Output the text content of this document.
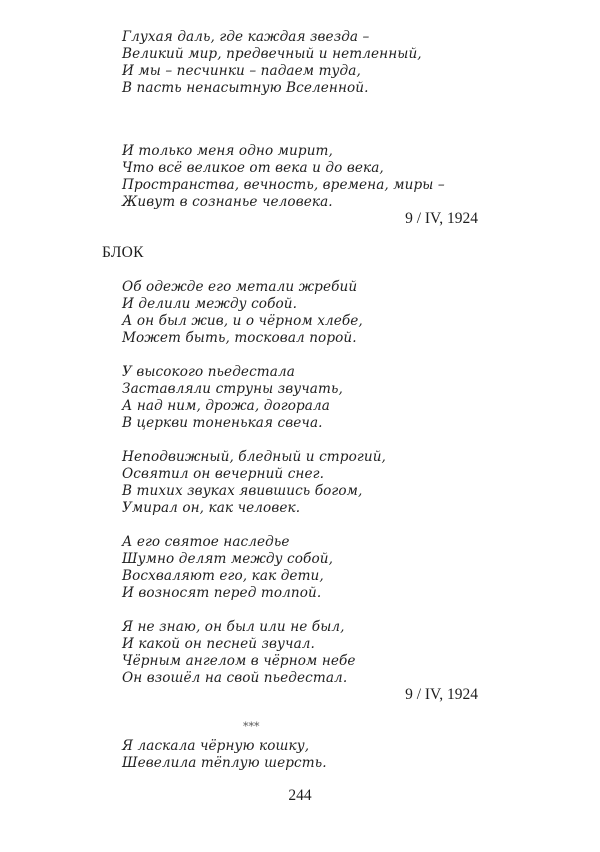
Глухая даль, где каждая звезда –
Великий мир, предвечный и нетленный,
И мы – песчинки – падаем туда,
В пасть ненасытную Вселенной.
И только меня одно мирит,
Что всё великое от века и до века,
Пространства, вечность, времена, миры –
Живут в сознанье человека.
9 / IV, 1924
БЛОК
Об одежде его метали жребий
И делили между собой.
А он был жив, и о чёрном хлебе,
Может быть, тосковал порой.
У высокого пьедестала
Заставляли струны звучать,
А над ним, дрожа, догорала
В церкви тоненькая свеча.
Неподвижный, бледный и строгий,
Освятил он вечерний снег.
В тихих звуках явившись богом,
Умирал он, как человек.
А его святое наследье
Шумно делят между собой,
Восхваляют его, как дети,
И возносят перед толпой.
Я не знаю, он был или не был,
И какой он песней звучал.
Чёрным ангелом в чёрном небе
Он взошёл на свой пьедестал.
9 / IV, 1924
***
Я ласкала чёрную кошку,
Шевелила тёплую шерсть.
244
